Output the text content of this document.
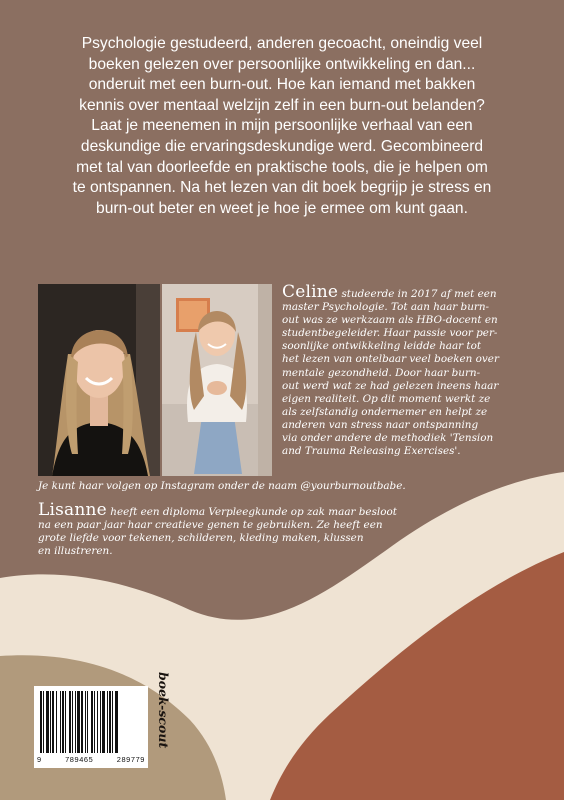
Psychologie gestudeerd, anderen gecoacht, oneindig veel
boeken gelezen over persoonlijke ontwikkeling en dan...
onderuit met een burn-out. Hoe kan iemand met bakken
kennis over mentaal welzijn zelf in een burn-out belanden?
Laat je meenemen in mijn persoonlijke verhaal van een
deskundige die ervaringsdeskundige werd. Gecombineerd
met tal van doorleefde en praktische tools, die je helpen om
te ontspannen. Na het lezen van dit boek begrijp je stress en
burn-out beter en weet je hoe je ermee om kunt gaan.

Celine studeerde in 2017 af met een
master Psychologie. Tot aan haar burn-
out was ze werkzaam als HBO-docent en
studentbegeleider. Haar passie voor per-
soonlijke ontwikkeling leidde haar tot
het lezen van ontelbaar veel boeken over
mentale gezondheid. Door haar burn-
out werd wat ze had gelezen ineens haar
eigen realiteit. Op dit moment werkt ze
als zelfstandig ondernemer en helpt ze
anderen van stress naar ontspanning
via onder andere de methodiek 'Tension
and Trauma Releasing Exercises'.

Je kunt haar volgen op Instagram onder de naam @yourburnoutbabe.

Lisanne heeft een diploma Verpleegkunde op zak maar besloot
na een paar jaar haar creatieve genen te gebruiken. Ze heeft een
grote liefde voor tekenen, schilderen, kleding maken, klussen
en illustreren.

9	789465	289779
boek-scout
